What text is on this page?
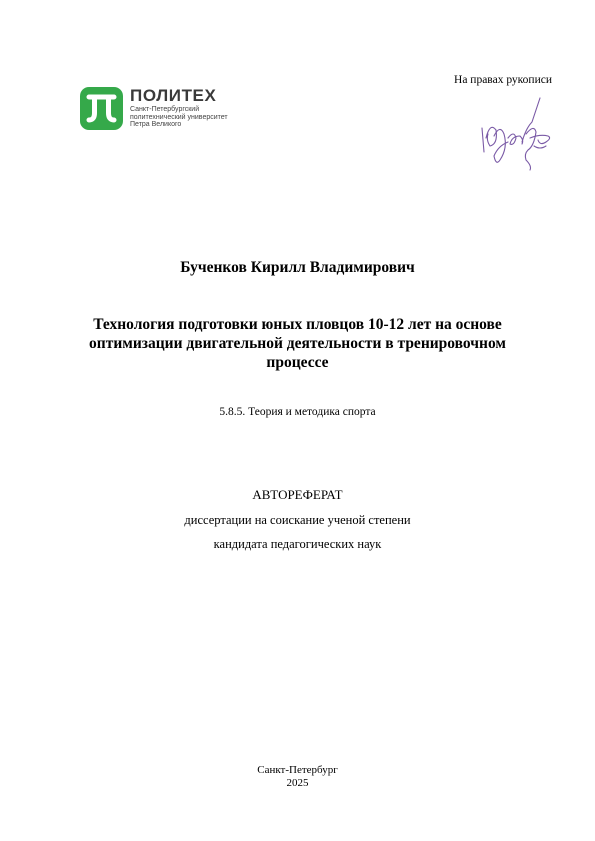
ПОЛИТЕХ
Санкт-Петербургский
политехнический университет
Петра Великого
На правах рукописи
Бученков Кирилл Владимирович
Технология подготовки юных пловцов 10-12 лет на основе
оптимизации двигательной деятельности в тренировочном
процессе
5.8.5. Теория и методика спорта
АВТОРЕФЕРАТ
диссертации на соискание ученой степени
кандидата педагогических наук
Санкт-Петербург
2025
